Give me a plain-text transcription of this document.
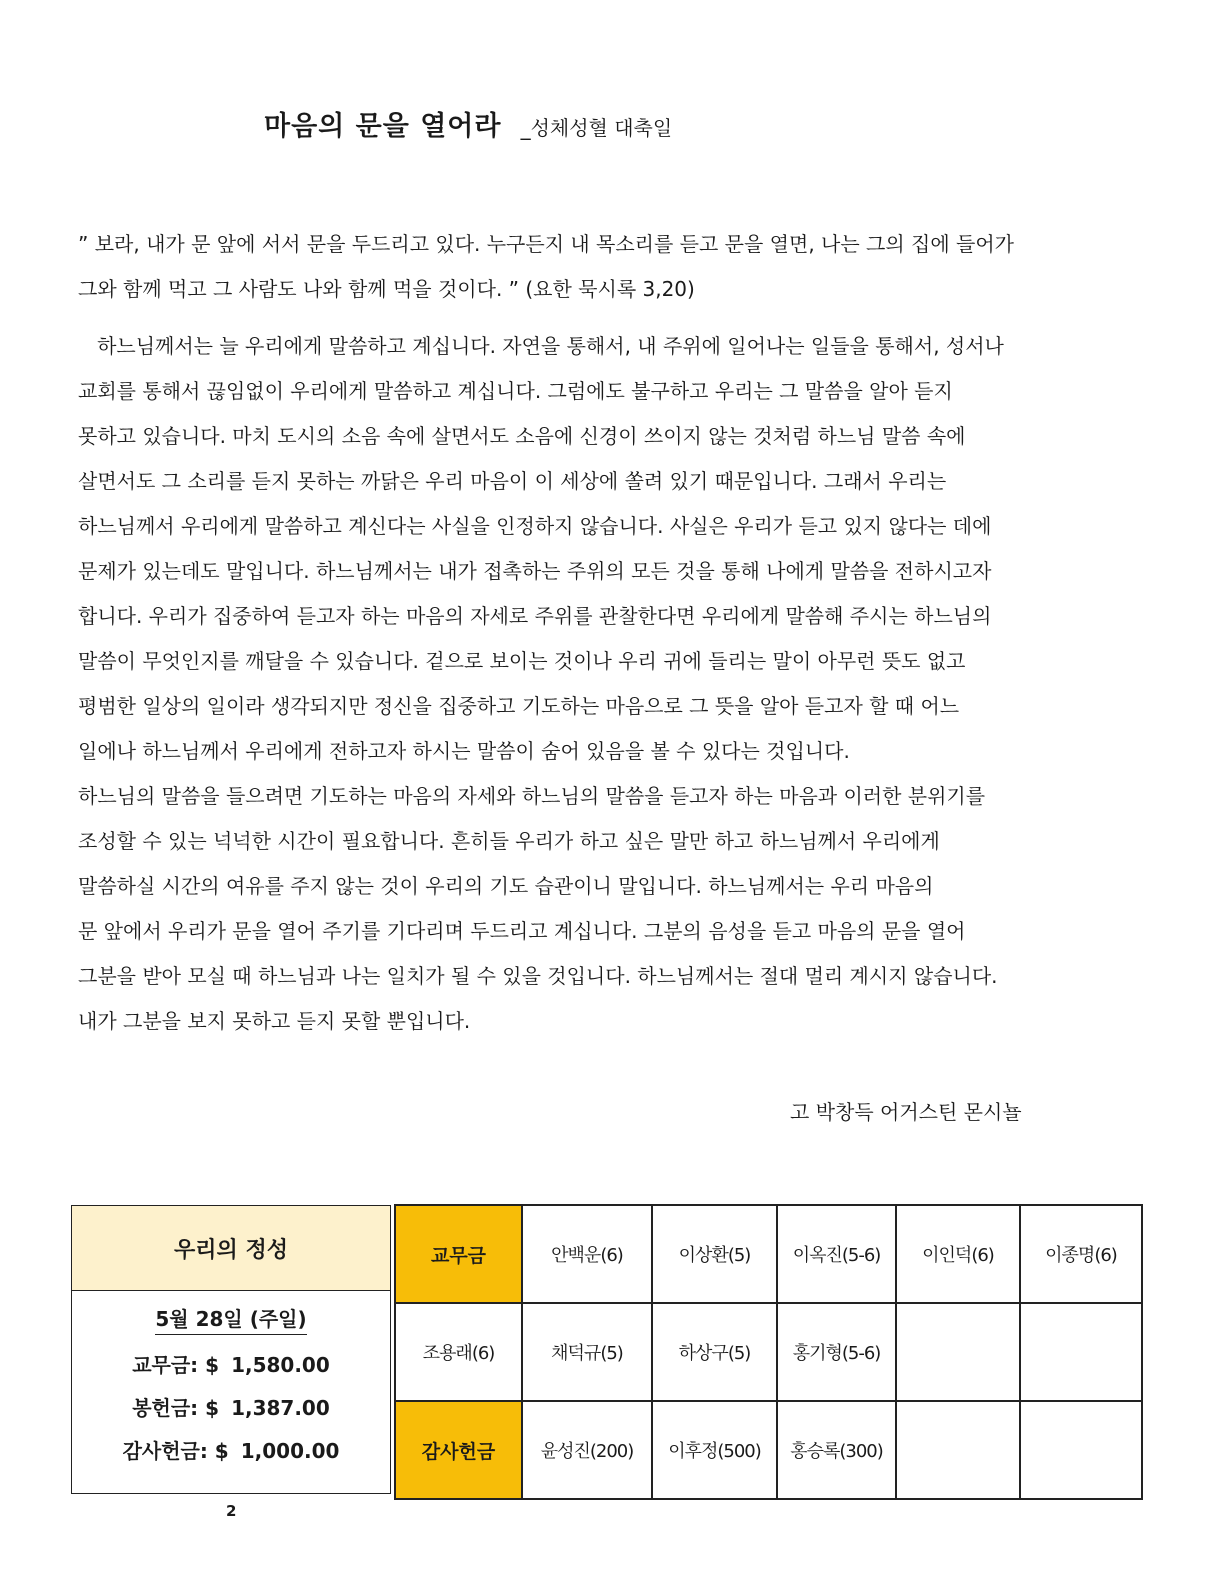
마음의 문을 열어라 _성체성혈 대축일
” 보라, 내가 문 앞에 서서 문을 두드리고 있다. 누구든지 내 목소리를 듣고 문을 열면, 나는 그의 집에 들어가
그와 함께 먹고 그 사람도 나와 함께 먹을 것이다. ” (요한 묵시록 3,20)
하느님께서는 늘 우리에게 말씀하고 계십니다. 자연을 통해서, 내 주위에 일어나는 일들을 통해서, 성서나
교회를 통해서 끊임없이 우리에게 말씀하고 계십니다. 그럼에도 불구하고 우리는 그 말씀을 알아 듣지
못하고 있습니다. 마치 도시의 소음 속에 살면서도 소음에 신경이 쓰이지 않는 것처럼 하느님 말씀 속에
살면서도 그 소리를 듣지 못하는 까닭은 우리 마음이 이 세상에 쏠려 있기 때문입니다. 그래서 우리는
하느님께서 우리에게 말씀하고 계신다는 사실을 인정하지 않습니다. 사실은 우리가 듣고 있지 않다는 데에
문제가 있는데도 말입니다. 하느님께서는 내가 접촉하는 주위의 모든 것을 통해 나에게 말씀을 전하시고자
합니다. 우리가 집중하여 듣고자 하는 마음의 자세로 주위를 관찰한다면 우리에게 말씀해 주시는 하느님의
말씀이 무엇인지를 깨달을 수 있습니다. 겉으로 보이는 것이나 우리 귀에 들리는 말이 아무런 뜻도 없고
평범한 일상의 일이라 생각되지만 정신을 집중하고 기도하는 마음으로 그 뜻을 알아 듣고자 할 때 어느
일에나 하느님께서 우리에게 전하고자 하시는 말씀이 숨어 있음을 볼 수 있다는 것입니다.
하느님의 말씀을 들으려면 기도하는 마음의 자세와 하느님의 말씀을 듣고자 하는 마음과 이러한 분위기를
조성할 수 있는 넉넉한 시간이 필요합니다. 흔히들 우리가 하고 싶은 말만 하고 하느님께서 우리에게
말씀하실 시간의 여유를 주지 않는 것이 우리의 기도 습관이니 말입니다. 하느님께서는 우리 마음의
문 앞에서 우리가 문을 열어 주기를 기다리며 두드리고 계십니다. 그분의 음성을 듣고 마음의 문을 열어
그분을 받아 모실 때 하느님과 나는 일치가 될 수 있을 것입니다. 하느님께서는 절대 멀리 계시지 않습니다.
내가 그분을 보지 못하고 듣지 못할 뿐입니다.
고 박창득 어거스틴 몬시뇰
우리의 정성
5월 28일 (주일)
교무금: $ 1,580.00
봉헌금: $ 1,387.00
감사헌금: $ 1,000.00
교무금	안백운(6)	이상환(5)	이옥진(5-6)	이인덕(6)	이종명(6)
조용래(6)	채덕규(5)	하상구(5)	홍기형(5-6)		
감사헌금	윤성진(200)	이후정(500)	홍승록(300)		
2
